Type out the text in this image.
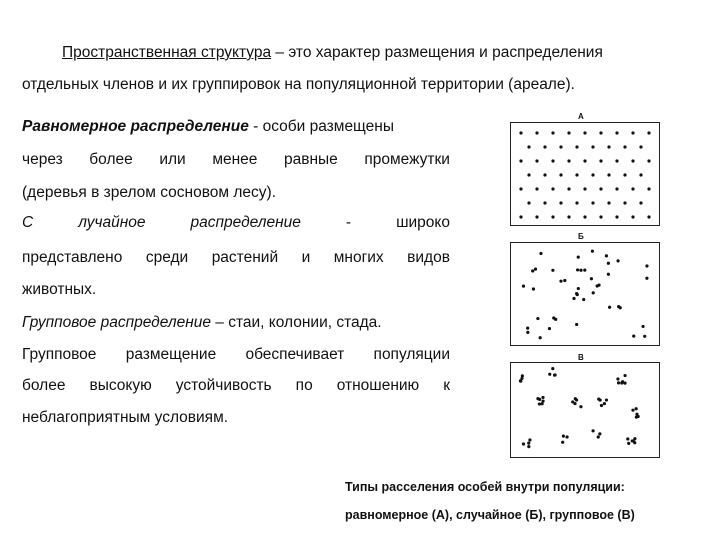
Пространственная структура – это характер размещения и распределения
отдельных членов и их группировок на популяционной территории (ареале).
Равномерное распределение - особи размещены
через более или менее равные промежутки
(деревья в зрелом сосновом лесу).
С	лучайное	распределение	-	широко
представлено среди растений и многих видов
животных.
Групповое распределение – стаи, колонии, стада.
Групповое размещение обеспечивает популяции
более высокую устойчивость по отношению к
неблагоприятным условиям.
А
Б
В
Типы расселения особей внутри популяции:
равномерное (А), случайное (Б), групповое (В)
